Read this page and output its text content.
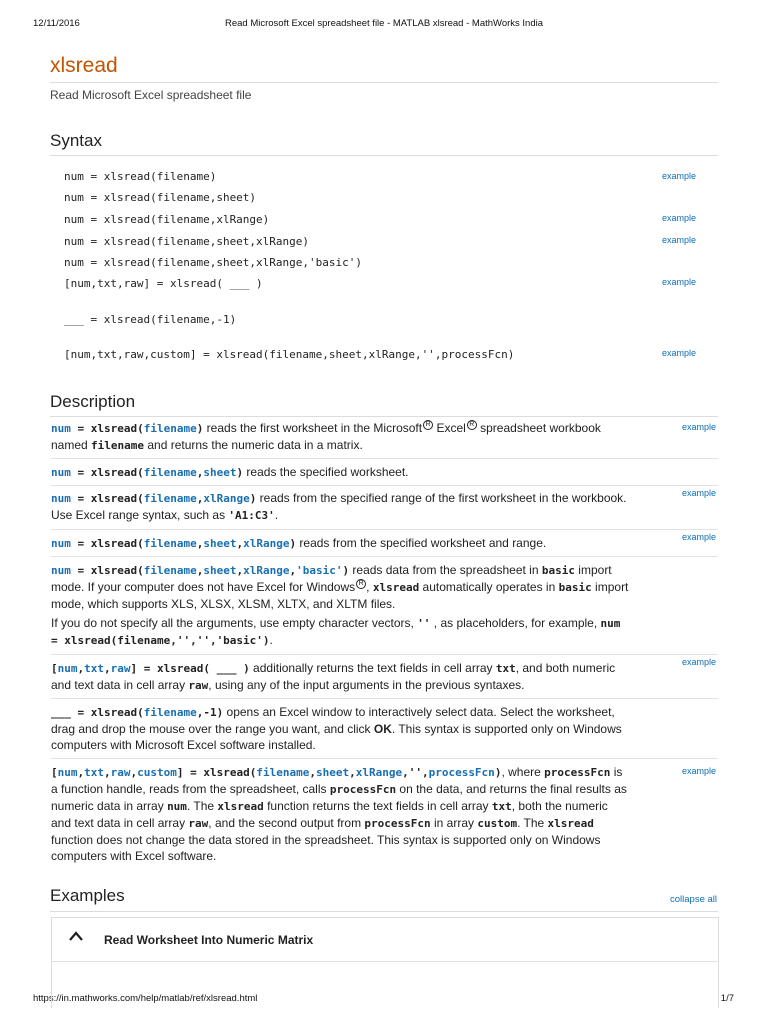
12/11/2016	Read Microsoft Excel spreadsheet file - MATLAB xlsread - MathWorks India
https://in.mathworks.com/help/matlab/ref/xlsread.html	1/7
xlsread
Read Microsoft Excel spreadsheet file
Syntax
num = xlsread(filename)	example
num = xlsread(filename,sheet)
num = xlsread(filename,xlRange)	example
num = xlsread(filename,sheet,xlRange)	example
num = xlsread(filename,sheet,xlRange,'basic')
[num,txt,raw] = xlsread( ___ )	example
___ = xlsread(filename,-1)
[num,txt,raw,custom] = xlsread(filename,sheet,xlRange,'',processFcn)	example
Description
num = xlsread(filename) reads the first worksheet in the Microsoft $^R$ Excel $^R$ spreadsheet workbook named filename and returns the numeric data in a matrix.
example
num = xlsread(filename,sheet) reads the specified worksheet.
num = xlsread(filename,xlRange) reads from the specified range of the first worksheet in the workbook. Use Excel range syntax, such as 'A1:C3'.
example
num = xlsread(filename,sheet,xlRange) reads from the specified worksheet and range.	example
num = xlsread(filename,sheet,xlRange,'basic') reads data from the spreadsheet in basic import mode. If your computer does not have Excel for Windows $^R$ , xlsread automatically operates in basic import mode, which supports XLS, XLSX, XLSM, XLTX, and XLTM files.
If you do not specify all the arguments, use empty character vectors, '' , as placeholders, for example, num = xlsread(filename,'','','basic').
[num,txt,raw] = xlsread( ___ ) additionally returns the text fields in cell array txt, and both numeric and text data in cell array raw, using any of the input arguments in the previous syntaxes.
example
___ = xlsread(filename,-1) opens an Excel window to interactively select data. Select the worksheet, drag and drop the mouse over the range you want, and click OK. This syntax is supported only on Windows computers with Microsoft Excel software installed.
[num,txt,raw,custom] = xlsread(filename,sheet,xlRange,'',processFcn), where processFcn is a function handle, reads from the spreadsheet, calls processFcn on the data, and returns the final results as numeric data in array num. The xlsread function returns the text fields in cell array txt, both the numeric and text data in cell array raw, and the second output from processFcn in array custom. The xlsread function does not change the data stored in the spreadsheet. This syntax is supported only on Windows computers with Excel software.
example
Examples	collapse all
Read Worksheet Into Numeric Matrix
